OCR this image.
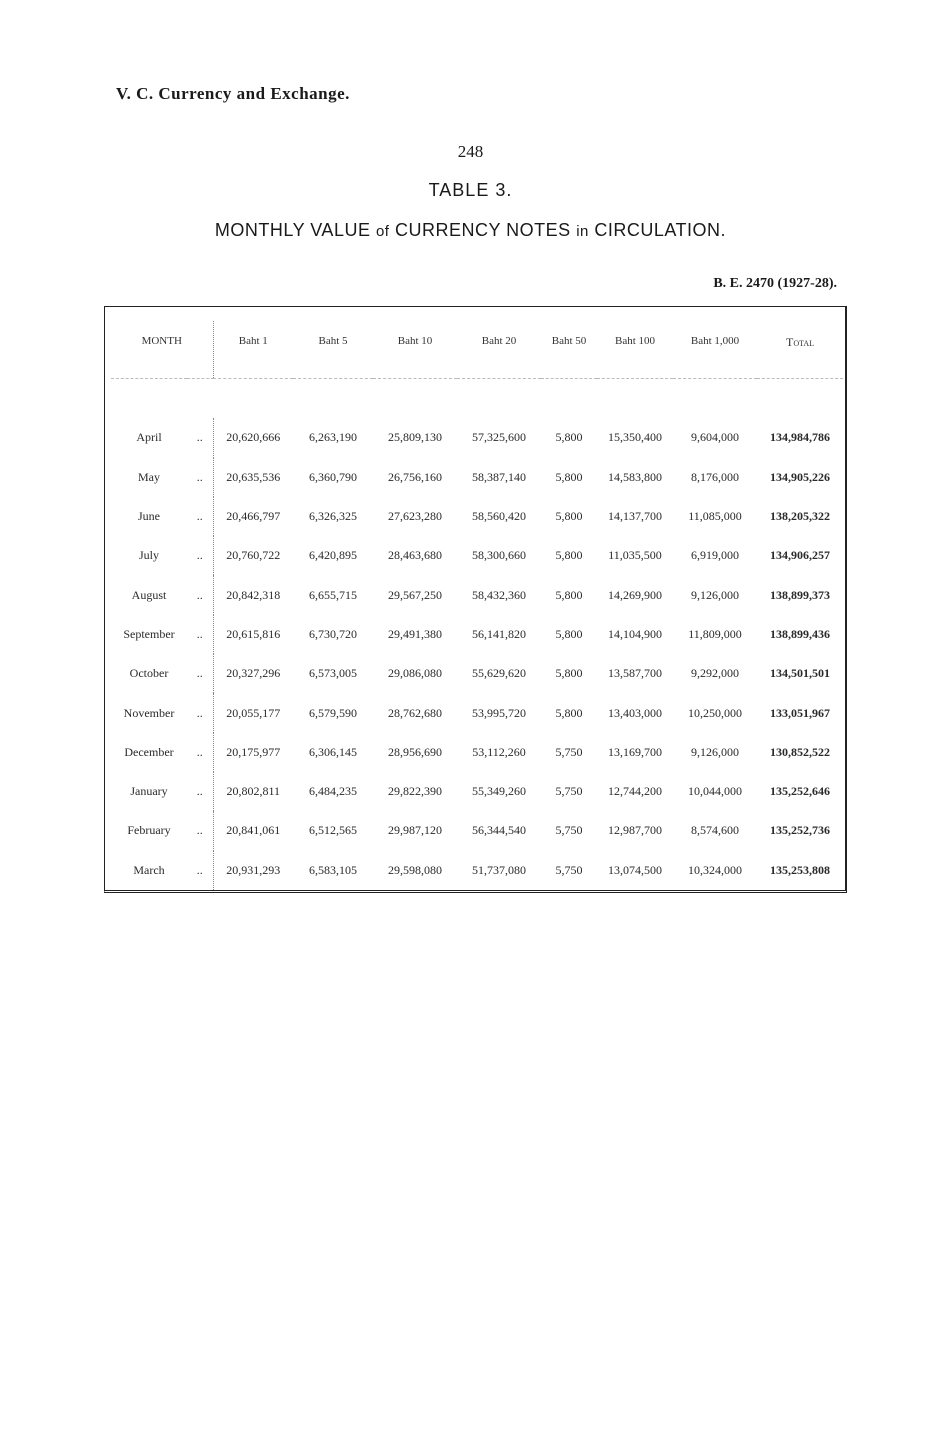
V. C. Currency and Exchange.
248
TABLE 3.
MONTHLY VALUE of CURRENCY NOTES in CIRCULATION.
B. E. 2470 (1927-28).
MONTH		Baht 1	Baht 5	Baht 10	Baht 20	Baht 50	Baht 100	Baht 1,000	Total

April	..	20,620,666	6,263,190	25,809,130	57,325,600	5,800	15,350,400	9,604,000	134,984,786
May	..	20,635,536	6,360,790	26,756,160	58,387,140	5,800	14,583,800	8,176,000	134,905,226
June	..	20,466,797	6,326,325	27,623,280	58,560,420	5,800	14,137,700	11,085,000	138,205,322
July	..	20,760,722	6,420,895	28,463,680	58,300,660	5,800	11,035,500	6,919,000	134,906,257
August	..	20,842,318	6,655,715	29,567,250	58,432,360	5,800	14,269,900	9,126,000	138,899,373
September	..	20,615,816	6,730,720	29,491,380	56,141,820	5,800	14,104,900	11,809,000	138,899,436
October	..	20,327,296	6,573,005	29,086,080	55,629,620	5,800	13,587,700	9,292,000	134,501,501
November	..	20,055,177	6,579,590	28,762,680	53,995,720	5,800	13,403,000	10,250,000	133,051,967
December	..	20,175,977	6,306,145	28,956,690	53,112,260	5,750	13,169,700	9,126,000	130,852,522
January	..	20,802,811	6,484,235	29,822,390	55,349,260	5,750	12,744,200	10,044,000	135,252,646
February	..	20,841,061	6,512,565	29,987,120	56,344,540	5,750	12,987,700	8,574,600	135,252,736
March	..	20,931,293	6,583,105	29,598,080	51,737,080	5,750	13,074,500	10,324,000	135,253,808
